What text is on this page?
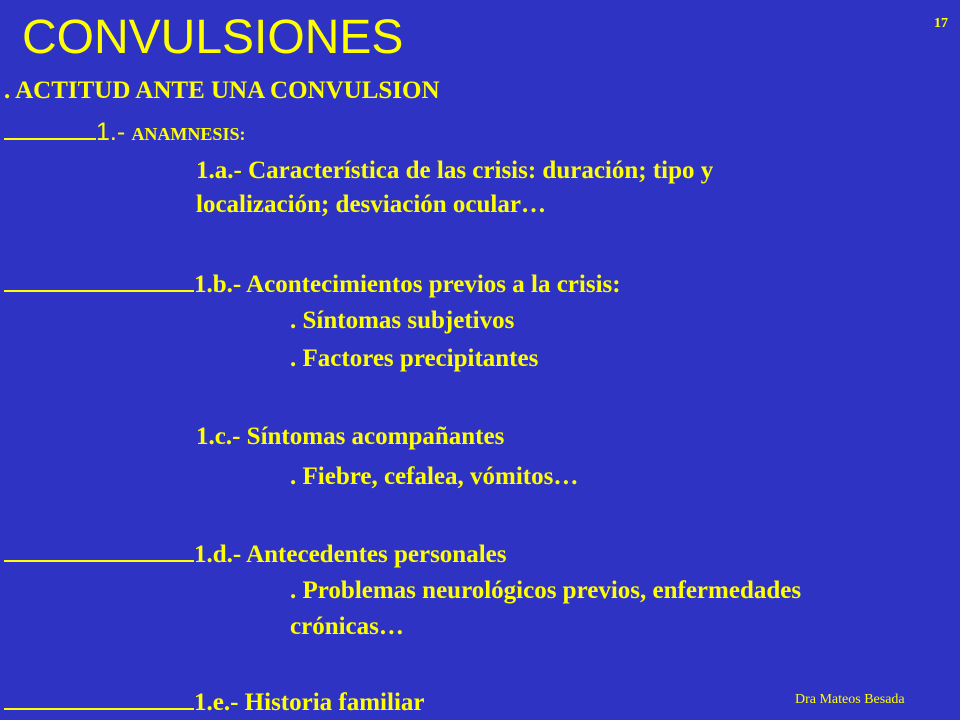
CONVULSIONES	17
. ACTITUD ANTE UNA CONVULSION
1.- ANAMNESIS:
1.a.- Característica de las crisis: duración; tipo y
localización; desviación ocular…
1.b.- Acontecimientos previos a la crisis:
. Síntomas subjetivos
. Factores precipitantes
1.c.- Síntomas acompañantes
. Fiebre, cefalea, vómitos…
1.d.- Antecedentes personales
. Problemas neurológicos previos, enfermedades
crónicas…
1.e.- Historia familiar	Dra Mateos Besada
